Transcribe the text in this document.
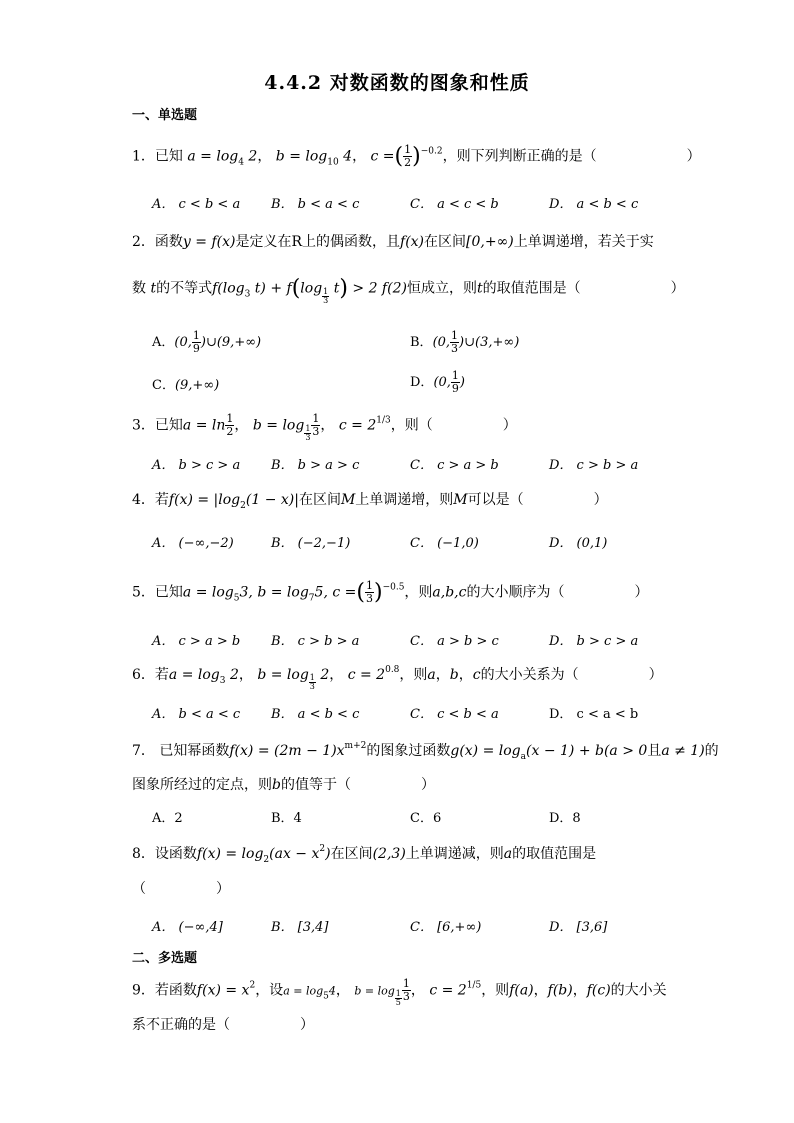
4.4.2 对数函数的图象和性质
一、单选题
1．已知 $a = \log_4 2$， $b = \log_{10} 4$， c =( $\frac{1}{2} )^{-0.2}$，则下列判断正确的是（	）
A． c < b < a B． b < a < c	C． a < c < b	D． a < b < c
2．函数y = f(x)是定义在R上的偶函数，且f(x)在区间[0,+∞)上单调递增，若关于实
数 t的不等式$f(\log_3$ $t) + f(\log \frac{1}{3} t) > 2$ f(2)恒成立，则t的取值范围是（	）
A．(0, $\frac{1}{9}$ )∪(9,+∞)	B．(0, $\frac{1}{3}$ )∪(3,+∞)
C．(9,+∞)	D．(0, $\frac{1}{9}$ )
3．已知$a = \ln \frac{1}{2}$ ， $b = \log \frac{1}{3} \frac{1}{3}$ ， $c = 2^{1/3}$，则（	）
A． b > c > a B． b > a > c	C． c > a > b	D． c > b > a
4．若$f(x) = |\log_2(1 - x)|$在区间M上单调递增，则M可以是（	）
A． (−∞,−2)	B． (−2,−1)	C． (−1,0)	D． (0,1)
5．已知$a = \log_53$, $b = \log_75$, c =( $\frac{1}{3} )^{-0.5}$，则a,b,c的大小顺序为（	）
A． c > a > b B． c > b > a	C． a > b > c	D． b > c > a
6．若$a = \log_3 2$， $b = \log \frac{1}{3} 2$， $c = 2^{0.8}$，则a，b，c的大小关系为（	）
A． b < a < c B． a < b < c	C． c < b < a	D． c < a < b
7． 已知幂函数$f(x) = (2m - 1)x^{m+2}$的图象过函数$g(x) = \log_a(x - 1) + b(a > 0$且a ≠ 1)的
图象所经过的定点，则b的值等于（	）
A．2	B．4	C．6	D．8
8．设函数$f(x) = \log_2(ax - x^2)$在区间(2,3)上单调递减，则a的取值范围是
（	）
A． (−∞,4]	B． [3,4]	C． [6,+∞)	D． [3,6]
二、多选题
9．若函数$f(x) = x^2$，设$a = \log_54$， $b = \log \frac{1}{5} \frac{1}{3}$ ， $c = 2^{1/5}$，则f(a)，f(b)，f(c)的大小关
系不正确的是（	）
